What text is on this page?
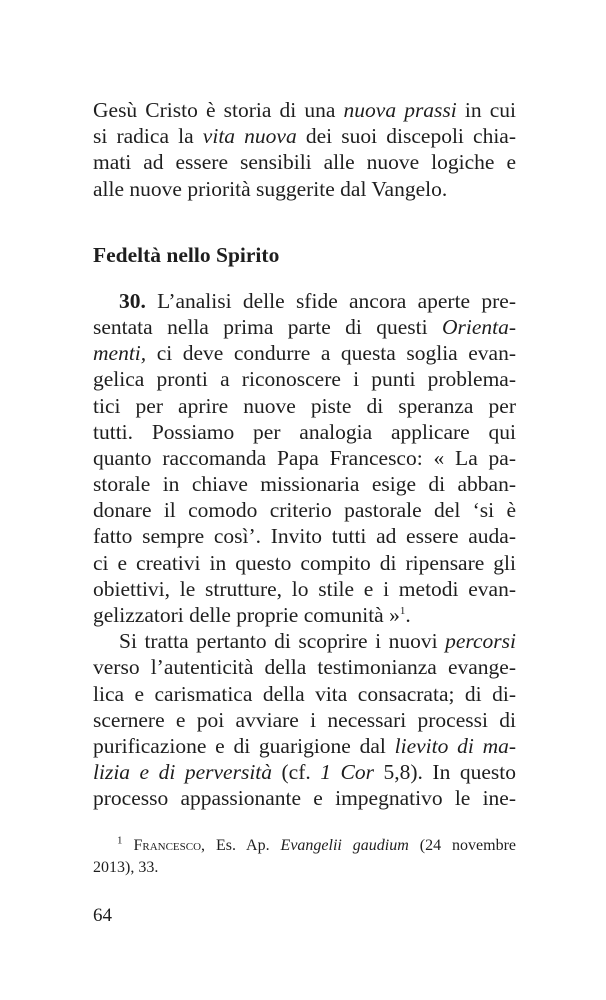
Gesù Cristo è storia di una nuova prassi in cui
si radica la vita nuova dei suoi discepoli chia-
mati ad essere sensibili alle nuove logiche e
alle nuove priorità suggerite dal Vangelo.
Fedeltà nello Spirito
30. L’analisi delle sfide ancora aperte pre-
sentata nella prima parte di questi Orienta-
menti, ci deve condurre a questa soglia evan-
gelica pronti a riconoscere i punti problema-
tici per aprire nuove piste di speranza per
tutti. Possiamo per analogia applicare qui
quanto raccomanda Papa Francesco: « La pa-
storale in chiave missionaria esige di abban-
donare il comodo criterio pastorale del ‘si è
fatto sempre così’. Invito tutti ad essere auda-
ci e creativi in questo compito di ripensare gli
obiettivi, le strutture, lo stile e i metodi evan-
gelizzatori delle proprie comunità »$^1$.
Si tratta pertanto di scoprire i nuovi percorsi
verso l’autenticità della testimonianza evange-
lica e carismatica della vita consacrata; di di-
scernere e poi avviare i necessari processi di
purificazione e di guarigione dal lievito di ma-
lizia e di perversità (cf. 1 Cor 5,8). In questo
processo appassionante e impegnativo le ine-
$^1$ Francesco, Es. Ap. Evangelii gaudium (24 novembre
2013), 33.
64
